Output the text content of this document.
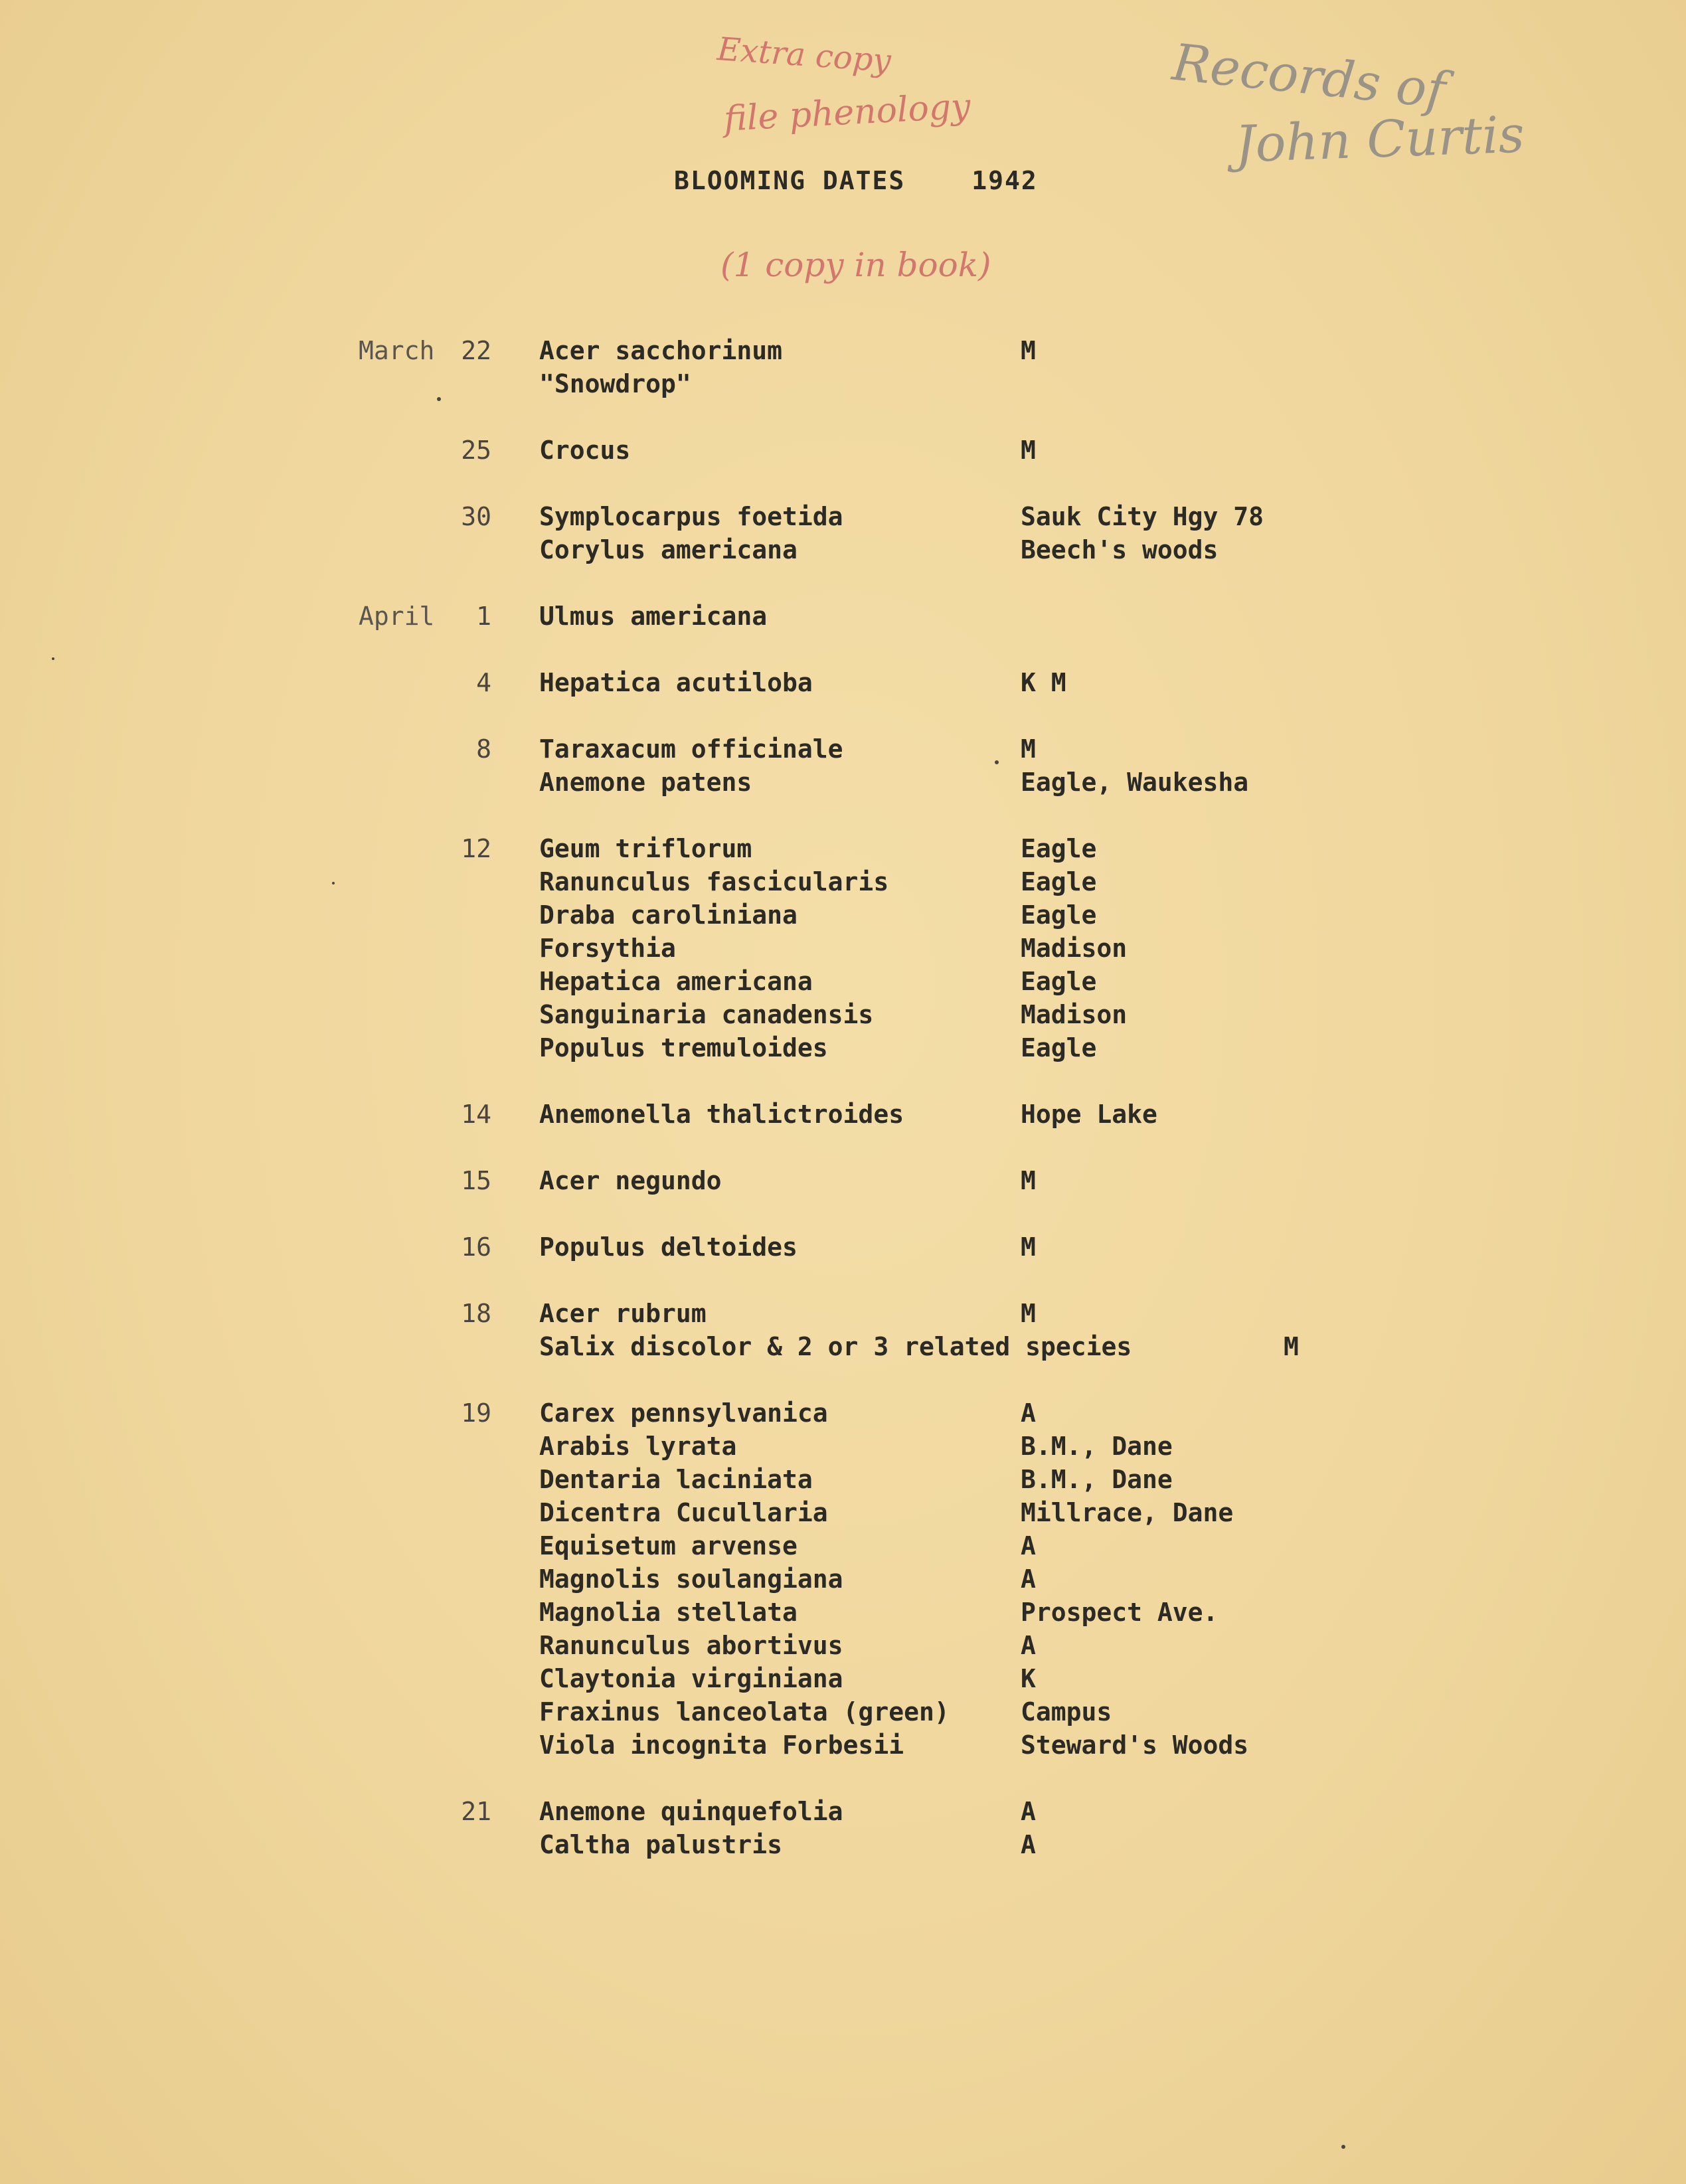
Extra copy
file phenology
(1 copy in book)
Records of
John Curtis
BLOOMING DATES	1942
March 22 Acer sacchorinum	M
"Snowdrop"
25 Crocus	M
30 Symplocarpus foetida	Sauk City Hgy 78
Corylus americana	Beech's woods
April	1 Ulmus americana
4 Hepatica acutiloba	K M
8 Taraxacum officinale	M
Anemone patens	Eagle, Waukesha
12 Geum triflorum	Eagle
Ranunculus fascicularis	Eagle
Draba caroliniana	Eagle
Forsythia	Madison
Hepatica americana	Eagle
Sanguinaria canadensis	Madison
Populus tremuloides	Eagle
14 Anemonella thalictroides	Hope Lake
15 Acer negundo	M
16 Populus deltoides	M
18 Acer rubrum	M
Salix discolor & 2 or 3 related species	M
19 Carex pennsylvanica	A
Arabis lyrata	B.M., Dane
Dentaria laciniata	B.M., Dane
Dicentra Cucullaria	Millrace, Dane
Equisetum arvense	A
Magnolis soulangiana	A
Magnolia stellata	Prospect Ave.
Ranunculus abortivus	A
Claytonia virginiana	K
Fraxinus lanceolata (green)	Campus
Viola incognita Forbesii	Steward's Woods
21 Anemone quinquefolia	A
Caltha palustris	A
